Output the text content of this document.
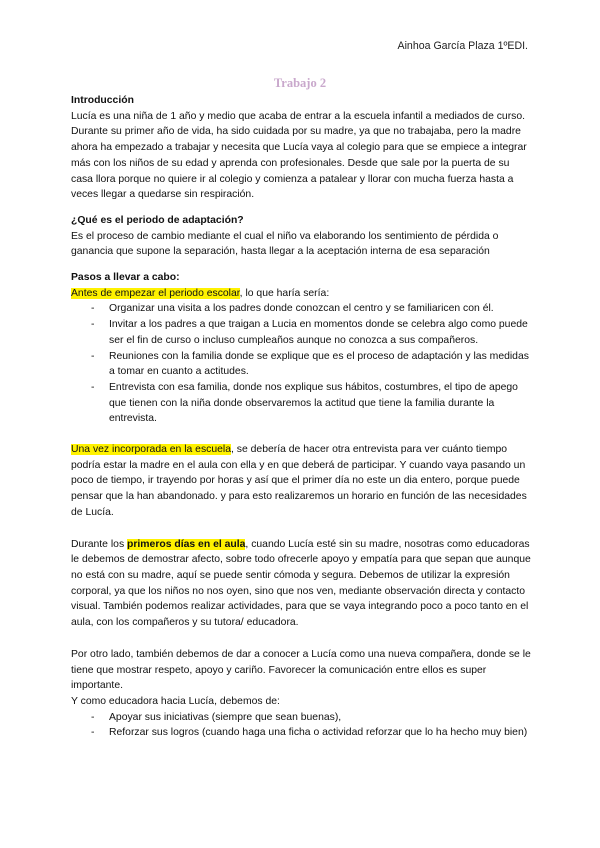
Ainhoa García Plaza 1ºEDI.
Trabajo 2

Introducción

Lucía es una niña de 1 año y medio que acaba de entrar a la escuela infantil a mediados de curso. Durante su primer año de vida, ha sido cuidada por su madre, ya que no trabajaba, pero la madre ahora ha empezado a trabajar y necesita que Lucía vaya al colegio para que se empiece a integrar más con los niños de su edad y aprenda con profesionales. Desde que sale por la puerta de su casa llora porque no quiere ir al colegio y comienza a patalear y llorar con mucha fuerza hasta a veces llegar a quedarse sin respiración.

¿Qué es el periodo de adaptación?

Es el proceso de cambio mediante el cual el niño va elaborando los sentimiento de pérdida o ganancia que supone la separación, hasta llegar a la aceptación interna de esa separación

Pasos a llevar a cabo:

Antes de empezar el periodo escolar, lo que haría sería:

- Organizar una visita a los padres donde conozcan el centro y se familiaricen con él.
- Invitar a los padres a que traigan a Lucia en momentos donde se celebra algo como puede ser el fin de curso o incluso cumpleaños aunque no conozca a sus compañeros.
- Reuniones con la familia donde se explique que es el proceso de adaptación y las medidas a tomar en cuanto a actitudes.
- Entrevista con esa familia, donde nos explique sus hábitos, costumbres, el tipo de apego que tienen con la niña donde observaremos la actitud que tiene la familia durante la entrevista.

Una vez incorporada en la escuela, se debería de hacer otra entrevista para ver cuánto tiempo podría estar la madre en el aula con ella y en que deberá de participar. Y cuando vaya pasando un poco de tiempo, ir trayendo por horas y así que el primer día no este un dia entero, porque puede pensar que la han abandonado. y para esto realizaremos un horario en función de las necesidades de Lucía.

Durante los primeros días en el aula, cuando Lucía esté sin su madre, nosotras como educadoras le debemos de demostrar afecto, sobre todo ofrecerle apoyo y empatía para que sepan que aunque no está con su madre, aquí se puede sentir cómoda y segura. Debemos de utilizar la expresión corporal, ya que los niños no nos oyen, sino que nos ven, mediante observación directa y contacto visual. También podemos realizar actividades, para que se vaya integrando poco a poco tanto en el aula, con los compañeros y su tutora/ educadora.

Por otro lado, también debemos de dar a conocer a Lucía como una nueva compañera, donde se le tiene que mostrar respeto, apoyo y cariño. Favorecer la comunicación entre ellos es super importante.

Y como educadora hacia Lucía, debemos de:

- Apoyar sus iniciativas (siempre que sean buenas),
- Reforzar sus logros (cuando haga una ficha o actividad reforzar que lo ha hecho muy bien)
